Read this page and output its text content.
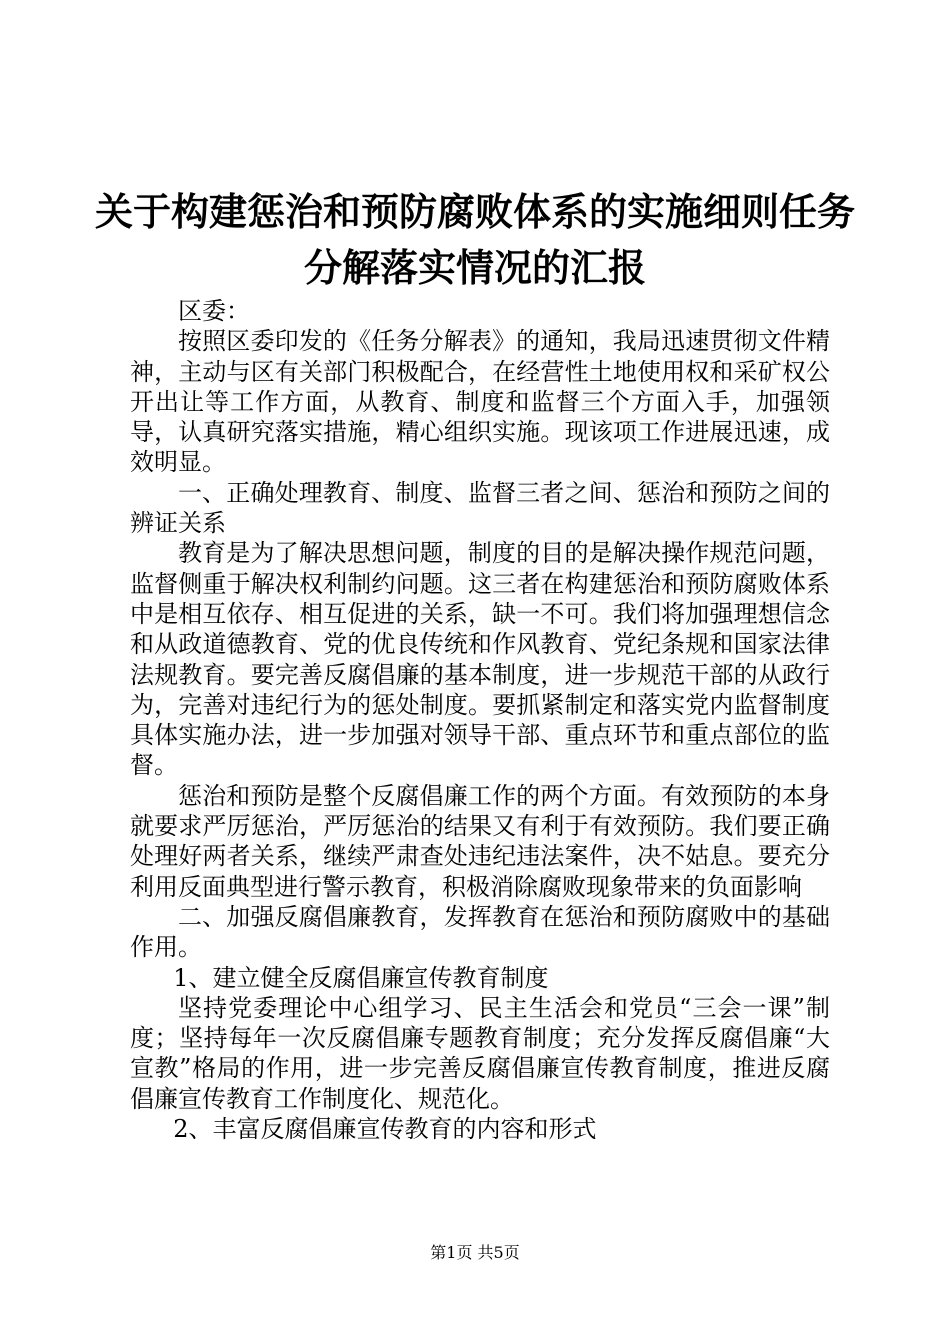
关于构建惩治和预防腐败体系的实施细则任务
分解落实情况的汇报

区委：

按照区委印发的《任务分解表》的通知，我局迅速贯彻文件精神，主动与区有关部门积极配合，在经营性土地使用权和采矿权公开出让等工作方面，从教育、制度和监督三个方面入手，加强领导，认真研究落实措施，精心组织实施。现该项工作进展迅速，成效明显。

一、正确处理教育、制度、监督三者之间、惩治和预防之间的辨证关系

教育是为了解决思想问题，制度的目的是解决操作规范问题，监督侧重于解决权利制约问题。这三者在构建惩治和预防腐败体系中是相互依存、相互促进的关系，缺一不可。我们将加强理想信念和从政道德教育、党的优良传统和作风教育、党纪条规和国家法律法规教育。要完善反腐倡廉的基本制度，进一步规范干部的从政行为，完善对违纪行为的惩处制度。要抓紧制定和落实党内监督制度具体实施办法，进一步加强对领导干部、重点环节和重点部位的监督。

惩治和预防是整个反腐倡廉工作的两个方面。有效预防的本身就要求严厉惩治，严厉惩治的结果又有利于有效预防。我们要正确处理好两者关系，继续严肃查处违纪违法案件，决不姑息。要充分利用反面典型进行警示教育，积极消除腐败现象带来的负面影响

二、加强反腐倡廉教育，发挥教育在惩治和预防腐败中的基础作用。

1、建立健全反腐倡廉宣传教育制度

坚持党委理论中心组学习、民主生活会和党员“三会一课”制度；坚持每年一次反腐倡廉专题教育制度；充分发挥反腐倡廉“大宣教”格局的作用，进一步完善反腐倡廉宣传教育制度，推进反腐倡廉宣传教育工作制度化、规范化。

2、丰富反腐倡廉宣传教育的内容和形式

第1页 共5页
